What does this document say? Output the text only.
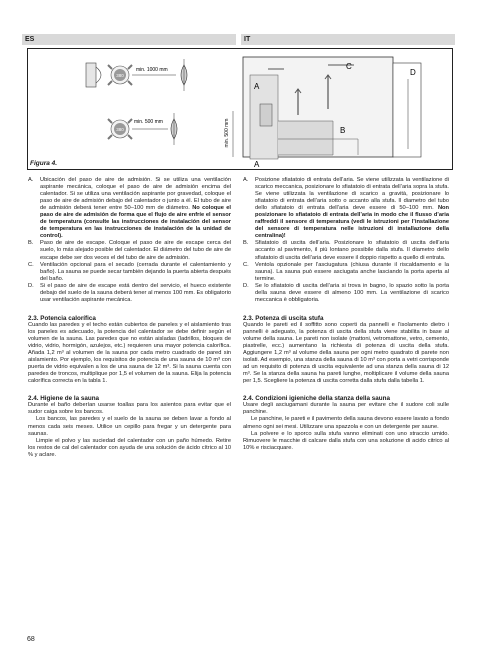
ES	IT
380
min. 1000 mm
380
min. 500 mm	min. 500 mm
A
A
B
C
D
Figura 4.
A.	Ubicación del paso de aire de admisión. Si se utiliza una ventilación aspirante mecánica, coloque el paso de aire de admisión encima del calentador. Si se utiliza una ventilación aspirante por gravedad, coloque el paso de aire de admisión debajo del calentador o junto a él. El tubo de aire de admisión deberá tener entre 50–100 mm de diámetro. No coloque el paso de aire de admisión de forma que el flujo de aire enfríe el sensor de temperatura (consulte las instrucciones de instalación del sensor de temperatura en las instrucciones de instalación de la unidad de control).
B.	Paso de aire de escape. Coloque el paso de aire de escape cerca del suelo, lo más alejado posible del calentador. El diámetro del tubo de aire de escape debe ser dos veces el del tubo de aire de admisión.
C.	Ventilación opcional para el secado (cerrada durante el calentamiento y baño). La sauna se puede secar también dejando la puerta abierta después del baño.
D.	Si el paso de aire de escape está dentro del servicio, el hueco existente debajo del suelo de la sauna deberá tener al menos 100 mm. Es obligatorio usar ventilación aspirante mecánica.
2.3. Potencia calorífica
Cuando las paredes y el techo están cubiertos de paneles y el aislamiento tras los paneles es adecuado, la potencia del calentador se debe definir según el volumen de la sauna. Las paredes que no están aisladas (ladrillos, bloques de vidrio, vidrio, hormigón, azulejos, etc.) requieren una mayor potencia calorífica. Añada 1,2 m³ al volumen de la sauna por cada metro cuadrado de pared sin aislamiento. Por ejemplo, los requisitos de potencia de una sauna de 10 m³ con puerta de vidrio equivalen a los de una sauna de 12 m³. Si la sauna cuenta con paredes de troncos, multiplique por 1,5 el volumen de la sauna. Elija la potencia calorífica correcta en la tabla 1.
2.4. Higiene de la sauna
Durante el baño deberían usarse toallas para los asientos para evitar que el sudor caiga sobre los bancos.
Los bancos, las paredes y el suelo de la sauna se deben lavar a fondo al menos cada seis meses. Utilice un cepillo para fregar y un detergente para saunas.
Limpie el polvo y las suciedad del calentador con un paño húmedo. Retire los restos de cal del calentador con ayuda de una solución de ácido cítrico al 10 % y aclare.
A.	Posizione sfiatatoio di entrata dell’aria. Se viene utilizzata la ventilazione di scarico meccanica, posizionare lo sfiatatoio di entrata dell’aria sopra la stufa. Se viene utilizzata la ventilazione di scarico a gravità, posizionare lo sfiatatoio di entrata dell’aria sotto o accanto alla stufa. Il diametro del tubo dello sfiatatoio di entrata dell’aria deve essere di 50–100 mm. Non posizionare lo sfiatatoio di entrata dell’aria in modo che il flusso d’aria raffreddi il sensore di temperatura (vedi le istruzioni per l’installazione del sensore di temperatura nelle istruzioni di installazione della centralina)!
B.	Sfiatatoio di uscita dell’aria. Posizionare lo sfiatatoio di uscita dell’aria accanto al pavimento, il più lontano possibile dalla stufa. Il diametro dello sfiatatoio di uscita dell’aria deve essere il doppio rispetto a quello di entrata.
C.	Ventola opzionale per l’asciugatura (chiusa durante il riscaldamento e la sauna). La sauna può essere asciugata anche lasciando la porta aperta al termine.
D.	Se lo sfiatatoio di uscita dell’aria si trova in bagno, lo spazio sotto la porta della sauna deve essere di almeno 100 mm. La ventilazione di scarico meccanica è obbligatoria.
2.3. Potenza di uscita stufa
Quando le pareti ed il soffitto sono coperti da pannelli e l’isolamento dietro i pannelli è adeguato, la potenza di uscita della stufa viene stabilita in base al volume della sauna. Le pareti non isolate (mattoni, vetromattone, vetro, cemento, piastrelle, ecc.) aumentano la richiesta di potenza di uscita della stufa. Aggiungere 1,2 m³ al volume della sauna per ogni metro quadrato di parete non isolati. Ad esempio, una stanza della sauna di 10 m³ con porta a vetri corrisponde ad un requisito di potenza di uscita equivalente ad una stanza della sauna di 12 m³. Se la stanza della sauna ha pareti lunghe, moltiplicare il volume della sauna per 1,5. Scegliere la potenza di uscita corretta dalla stufa dalla tabella 1.
2.4. Condizioni igieniche della stanza della sauna
Usare degli asciugamani durante la sauna per evitare che il sudore coli sulle panchine.
Le panchine, le pareti e il pavimento della sauna devono essere lavato a fondo almeno ogni sei mesi. Utilizzare una spazzola e con un detergente per saune.
La polvere e lo sporco sulla stufa vanno eliminati con uno straccio umido. Rimuovere le macchie di calcare dalla stufa con una soluzione di acido citrico al 10% e risciacquare.
68
